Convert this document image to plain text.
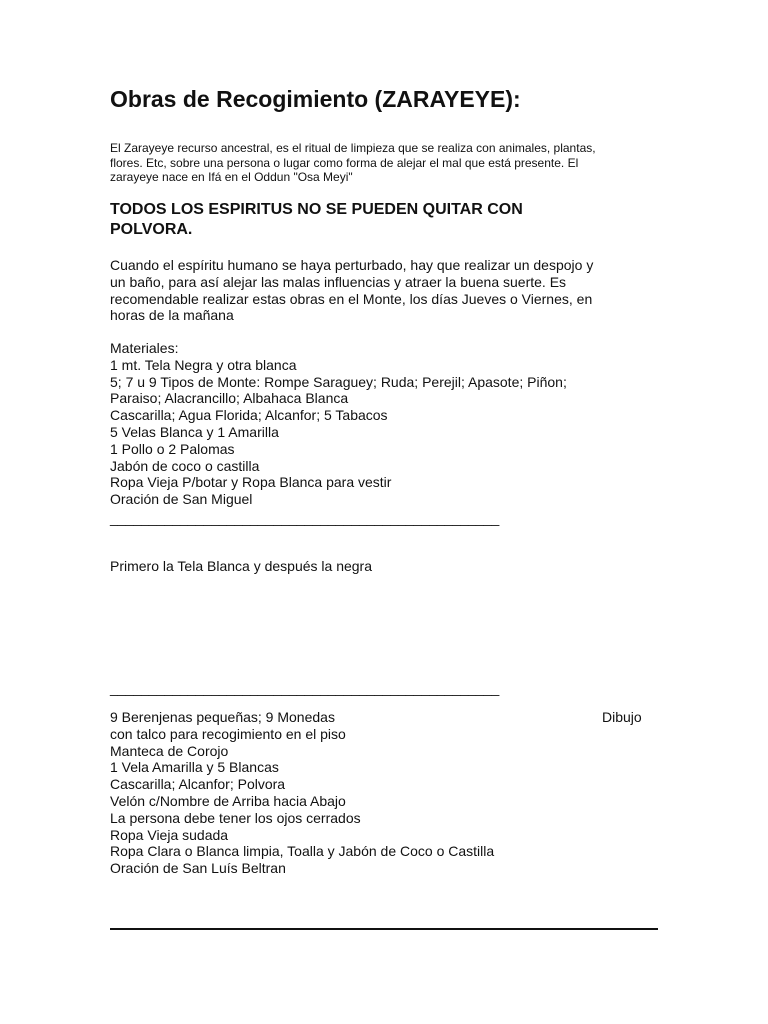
Obras de Recogimiento (ZARAYEYE):

El Zarayeye recurso ancestral, es el ritual de limpieza que se realiza con animales, plantas,
flores. Etc, sobre una persona o lugar como forma de alejar el mal que está presente. El
zarayeye nace en Ifá en el Oddun "Osa Meyi"

TODOS LOS ESPIRITUS NO SE PUEDEN QUITAR CON
POLVORA.

Cuando el espíritu humano se haya perturbado, hay que realizar un despojo y
un baño, para así alejar las malas influencias y atraer la buena suerte. Es
recomendable realizar estas obras en el Monte, los días Jueves o Viernes, en
horas de la mañana

Materiales:
1 mt. Tela Negra y otra blanca
5; 7 u 9 Tipos de Monte: Rompe Saraguey; Ruda; Perejil; Apasote; Piñon;
Paraiso; Alacrancillo; Albahaca Blanca
Cascarilla; Agua Florida; Alcanfor; 5 Tabacos
5 Velas Blanca y 1 Amarilla
1 Pollo o 2 Palomas
Jabón de coco o castilla
Ropa Vieja P/botar y Ropa Blanca para vestir
Oración de San Miguel
__________________________________________________

Primero la Tela Blanca y después la negra

__________________________________________________
9 Berenjenas pequeñas; 9 Monedas
con talco para recogimiento en el piso
Manteca de Corojo
1 Vela Amarilla y 5 Blancas
Cascarilla; Alcanfor; Polvora
Velón c/Nombre de Arriba hacia Abajo
La persona debe tener los ojos cerrados
Ropa Vieja sudada
Ropa Clara o Blanca limpia, Toalla y Jabón de Coco o Castilla
Oración de San Luís Beltran
Dibujo
